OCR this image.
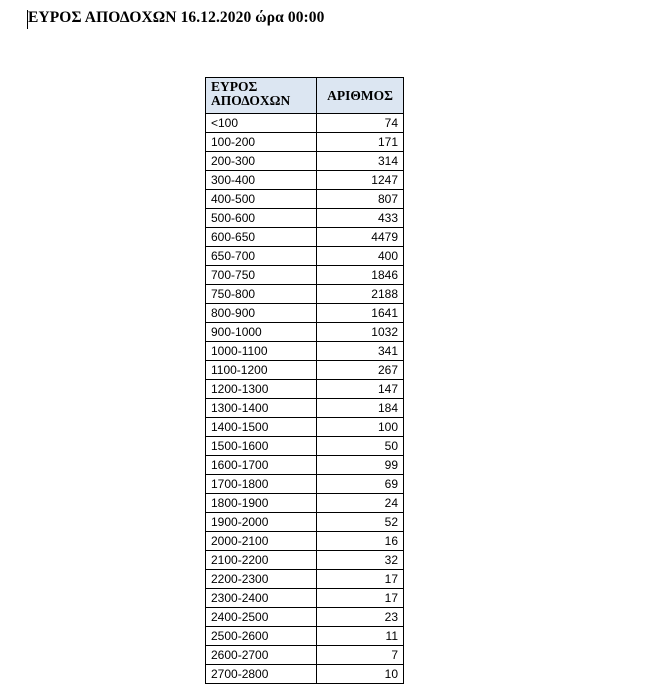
ΕΥΡΟΣ ΑΠΟΔΟΧΩΝ 16.12.2020 ώρα 00:00
ΕΥΡΟΣ ΑΠΟΔΟΧΩΝ	ΑΡΙΘΜΟΣ
<100	74
100-200	171
200-300	314
300-400	1247
400-500	807
500-600	433
600-650	4479
650-700	400
700-750	1846
750-800	2188
800-900	1641
900-1000	1032
1000-1100	341
1100-1200	267
1200-1300	147
1300-1400	184
1400-1500	100
1500-1600	50
1600-1700	99
1700-1800	69
1800-1900	24
1900-2000	52
2000-2100	16
2100-2200	32
2200-2300	17
2300-2400	17
2400-2500	23
2500-2600	11
2600-2700	7
2700-2800	10
